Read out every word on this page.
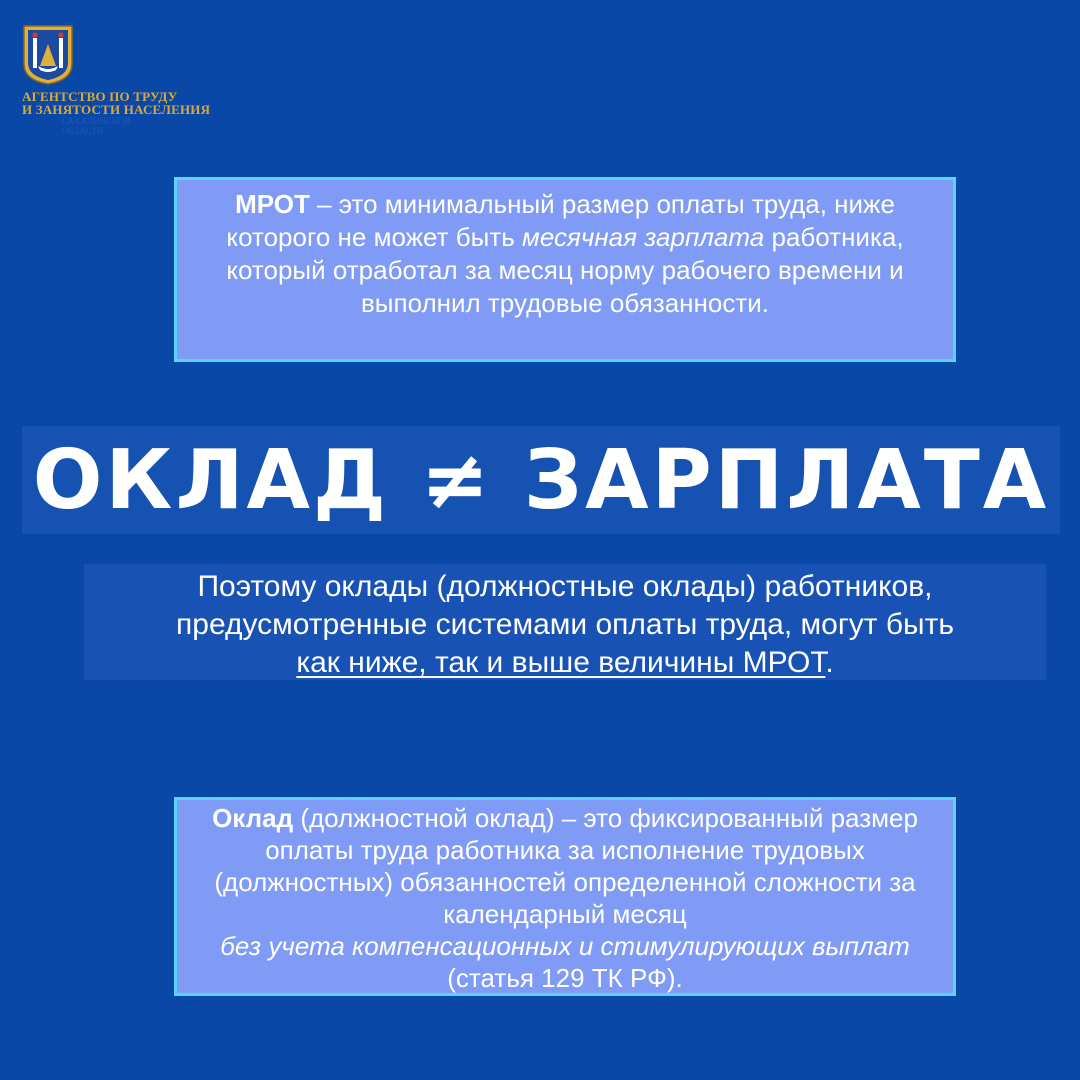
АГЕНТСТВО ПО ТРУДУ
И ЗАНЯТОСТИ НАСЕЛЕНИЯ
САХАЛИНСКОЙ
ОБЛАСТИ
МРОТ – это минимальный размер оплаты труда, ниже которого не может быть месячная зарплата работника, который отработал за месяц норму рабочего времени и выполнил трудовые обязанности.
ОКЛАД ≠ ЗАРПЛАТА
Поэтому оклады (должностные оклады) работников,
предусмотренные системами оплаты труда, могут быть
как ниже, так и выше величины МРОТ.
Оклад (должностной оклад) – это фиксированный размер оплаты труда работника за исполнение трудовых (должностных) обязанностей определенной сложности за календарный месяц
без учета компенсационных и стимулирующих выплат (статья 129 ТК РФ).
